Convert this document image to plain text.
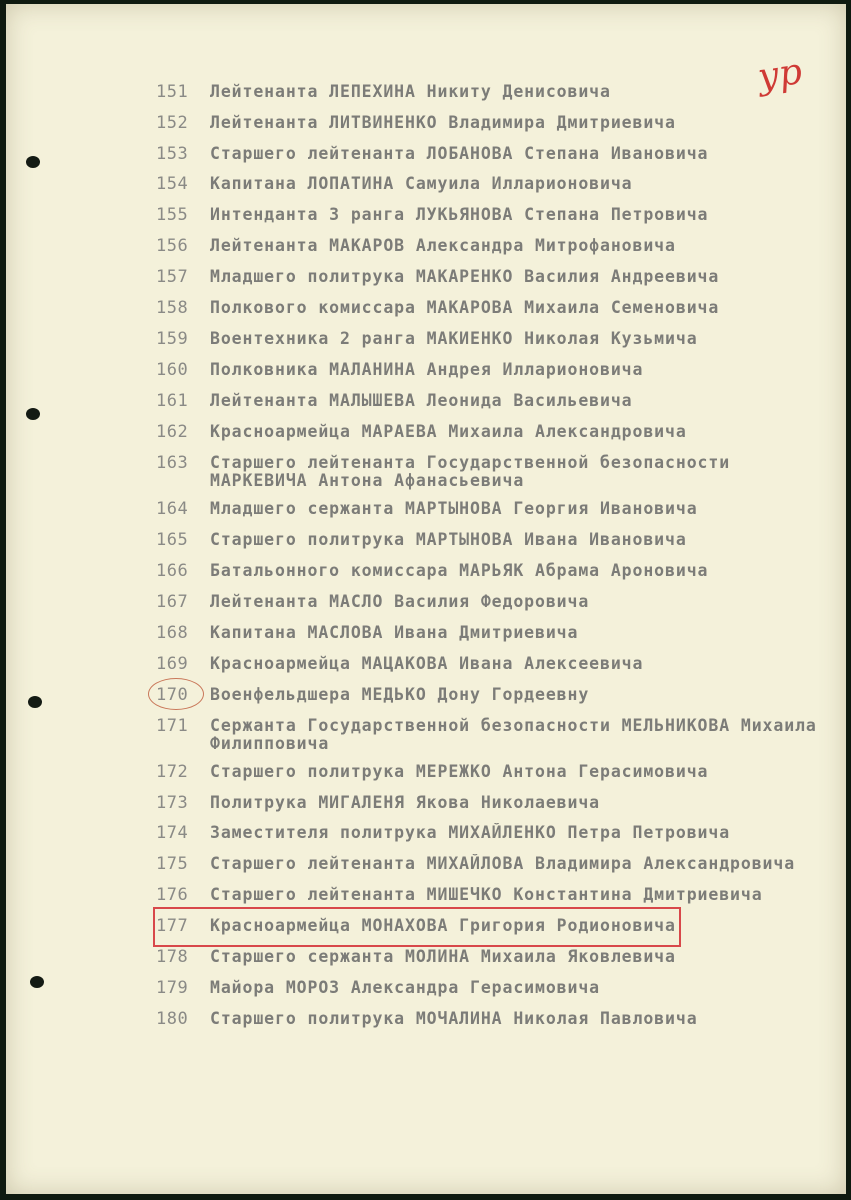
ур
151 Лейтенанта ЛЕПЕХИНА Никиту Денисовича
152 Лейтенанта ЛИТВИНЕНКО Владимира Дмитриевича
153 Старшего лейтенанта ЛОБАНОВА Степана Ивановича
154 Капитана ЛОПАТИНА Самуила Илларионовича
155 Интенданта 3 ранга ЛУКЬЯНОВА Степана Петровича
156 Лейтенанта МАКАРОВ Александра Митрофановича
157 Младшего политрука МАКАРЕНКО Василия Андреевича
158 Полкового комиссара МАКАРОВА Михаила Семеновича
159 Воентехника 2 ранга МАКИЕНКО Николая Кузьмича
160 Полковника МАЛАНИНА Андрея Илларионовича
161 Лейтенанта МАЛЫШЕВА Леонида Васильевича
162 Красноармейца МАРАЕВА Михаила Александровича
163 Старшего лейтенанта Государственной безопасности
МАРКЕВИЧА Антона Афанасьевича
164 Младшего сержанта МАРТЫНОВА Георгия Ивановича
165 Старшего политрука МАРТЫНОВА Ивана Ивановича
166 Батальонного комиссара МАРЬЯК Абрама Ароновича
167 Лейтенанта МАСЛО Василия Федоровича
168 Капитана МАСЛОВА Ивана Дмитриевича
169 Красноармейца МАЦАКОВА Ивана Алексеевича
170 Военфельдшера МЕДЬКО Дону Гордеевну
171 Сержанта Государственной безопасности МЕЛЬНИКОВА Михаила
Филипповича
172 Старшего политрука МЕРЕЖКО Антона Герасимовича
173 Политрука МИГАЛЕНЯ Якова Николаевича
174 Заместителя политрука МИХАЙЛЕНКО Петра Петровича
175 Старшего лейтенанта МИХАЙЛОВА Владимира Александровича
176 Старшего лейтенанта МИШЕЧКО Константина Дмитриевича
177 Красноармейца МОНАХОВА Григория Родионовича
178 Старшего сержанта МОЛИНА Михаила Яковлевича
179 Майора МОРОЗ Александра Герасимовича
180 Старшего политрука МОЧАЛИНА Николая Павловича
